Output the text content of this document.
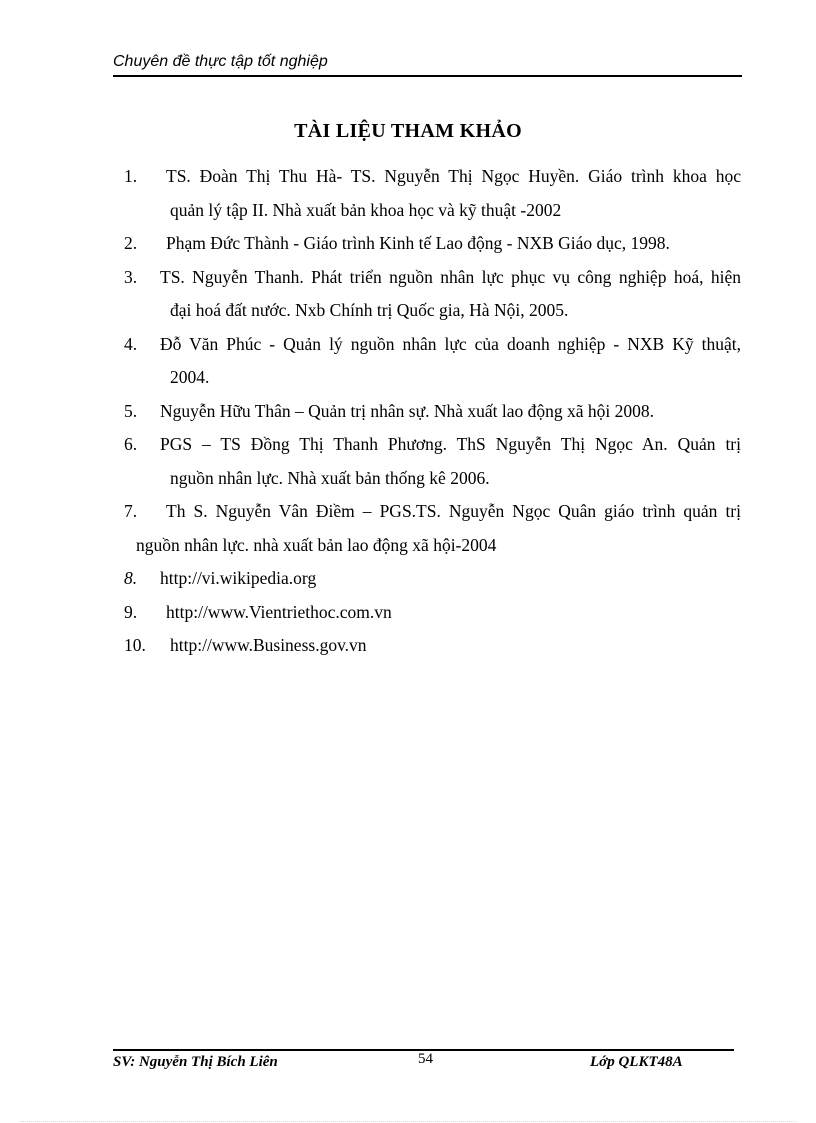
Chuyên đề thực tập tốt nghiệp
TÀI LIỆU THAM KHẢO
1.	TS. Đoàn Thị Thu Hà- TS. Nguyễn Thị Ngọc Huyền. Giáo trình khoa học
quản lý tập II. Nhà xuất bản khoa học và kỹ thuật -2002
2.	Phạm Đức Thành - Giáo trình Kinh tế Lao động - NXB Giáo dục, 1998.
3.	TS. Nguyễn Thanh. Phát triển nguồn nhân lực phục vụ công nghiệp hoá, hiện
đại hoá đất nước. Nxb Chính trị Quốc gia, Hà Nội, 2005.
4.	Đỗ Văn Phúc - Quản lý nguồn nhân lực của doanh nghiệp - NXB Kỹ thuật,
2004.
5.	Nguyễn Hữu Thân – Quản trị nhân sự. Nhà xuất lao động xã hội 2008.
6.	PGS – TS Đồng Thị Thanh Phương. ThS Nguyễn Thị Ngọc An. Quản trị
nguồn nhân lực. Nhà xuất bản thống kê 2006.
7.	Th S. Nguyễn Vân Điềm – PGS.TS. Nguyễn Ngọc Quân giáo trình quản trị
nguồn nhân lực. nhà xuất bản lao động xã hội-2004
8.	http://vi.wikipedia.org
9.	http://www.Vientriethoc.com.vn
10.	http://www.Business.gov.vn
SV: Nguyễn Thị Bích Liên	54	Lớp QLKT48A
